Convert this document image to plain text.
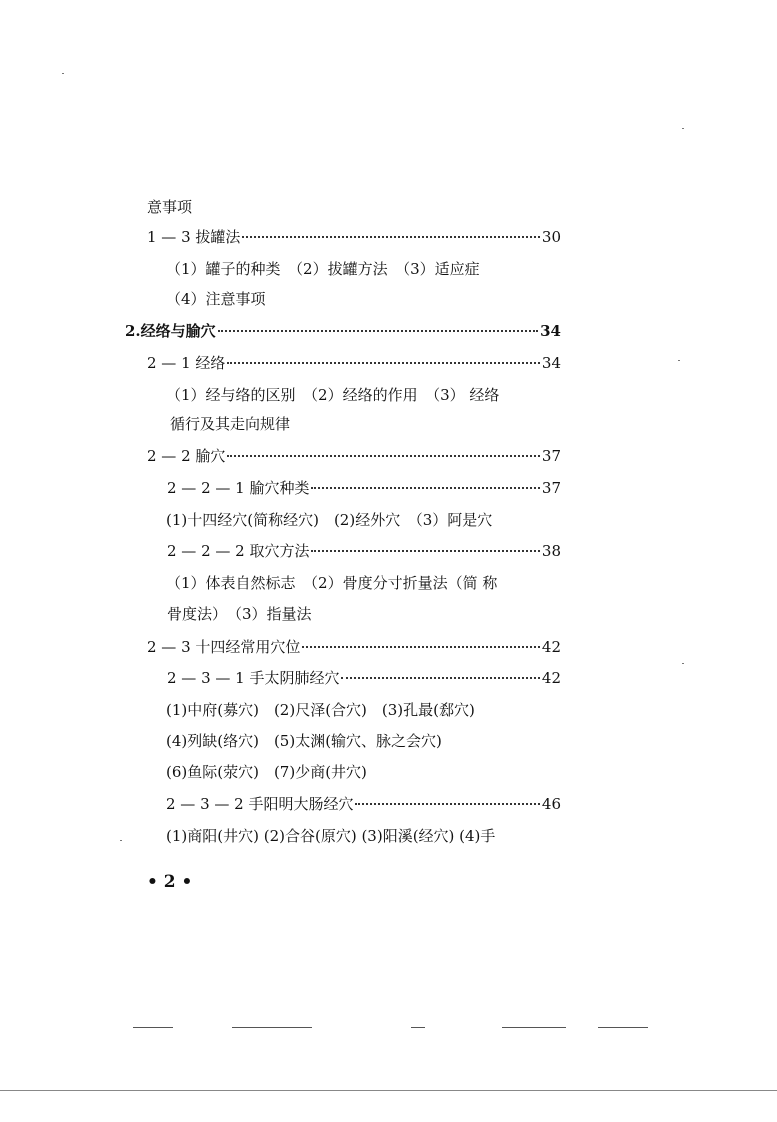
意事项
1 — 3 拔罐法	30
（1）罐子的种类　（2）拔罐方法　（3）适应症
（4）注意事项
2.经络与腧穴	34
2 — 1 经络	34
（1）经与络的区别　（2）经络的作用　（3） 经络
循行及其走向规律
2 — 2 腧穴	37
2 — 2 — 1 腧穴种类	37
(1)十四经穴(简称经穴)　(2)经外穴　（3）阿是穴
2 — 2 — 2 取穴方法	38
（1）体表自然标志　（2）骨度分寸折量法（简 称
骨度法）　（3）指量法
2 — 3 十四经常用穴位	42
2 — 3 — 1 手太阴肺经穴	42
(1)中府(募穴)　(2)尺泽(合穴)　(3)孔最(郄穴)
(4)列缺(络穴)　(5)太渊(输穴、脉之会穴)
(6)鱼际(荥穴)　(7)少商(井穴)
2 — 3 — 2 手阳明大肠经穴	46
(1)商阳(井穴) (2)合谷(原穴) (3)阳溪(经穴) (4)手
• 2 •
